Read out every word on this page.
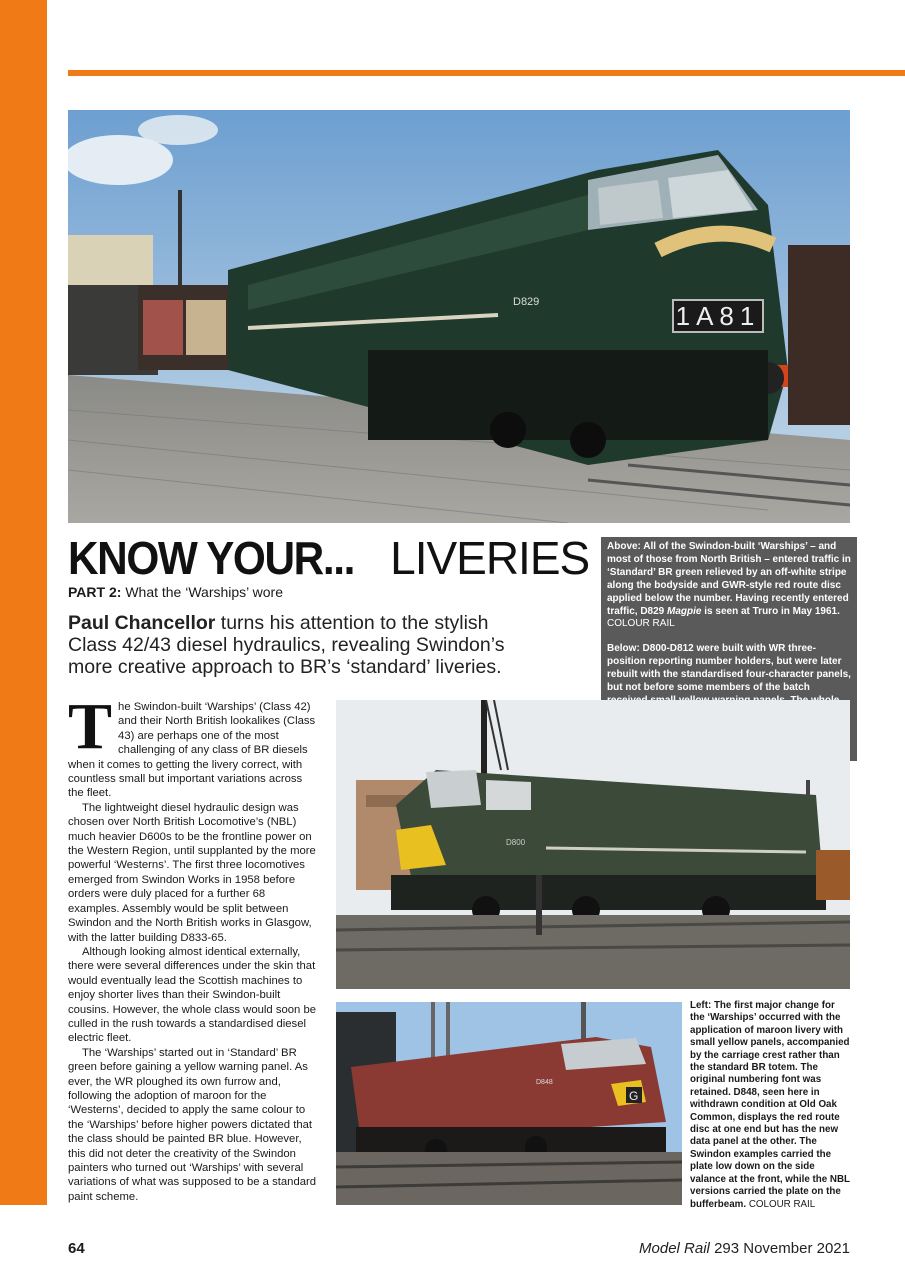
1A81
D829
KNOW YOUR... LIVERIES
PART 2: What the ‘Warships’ wore
Paul Chancellor turns his attention to the stylish Class 42/43 diesel hydraulics, revealing Swindon’s more creative approach to BR’s ‘standard’ liveries.

Above: All of the Swindon-built ‘Warships’ – and most of those from North British – entered traffic in ‘Standard’ BR green relieved by an off-white stripe along the bodyside and GWR-style red route disc applied below the number. Having recently entered traffic, D829 Magpie is seen at Truro in May 1961. COLOUR RAIL

Below: D800-D812 were built with WR three-position reporting number holders, but were later rebuilt with the standardised four-character panels, but not before some members of the batch

D800
G
D848

The Swindon-built ‘Warships’ (Class 42) and their North British lookalikes (Class 43) are perhaps one of the most challenging of any class of BR diesels when it comes to getting the livery correct, with countless small but important variations across the fleet.

The lightweight diesel hydraulic design was chosen over North British Locomotive’s (NBL) much heavier D600s to be the frontline power on the Western Region, until supplanted by the more powerful ‘Westerns’. The first three locomotives emerged from Swindon Works in 1958 before orders were duly placed for a further 68 examples. Assembly would be split between Swindon and the North British works in Glasgow, with the latter building D833-65.

Although looking almost identical externally, there were several differences under the skin that would eventually lead the Scottish machines to enjoy shorter lives than their Swindon-built cousins. However, the whole class would soon be culled in the rush towards a standardised diesel electric fleet.

The ‘Warships’ started out in ‘Standard’ BR green before gaining a yellow warning panel. As ever, the WR ploughed its own furrow and, following the adoption of maroon for the ‘Westerns’, decided to apply the same colour to the ‘Warships’ before higher powers dictated that the class should be painted BR blue. However, this did not deter the creativity of the Swindon painters who turned out ‘Warships’ with several variations of what was supposed to be a standard paint scheme.

Left: The first major change for the ‘Warships’ occurred with the application of maroon livery with small yellow panels, accompanied by the carriage crest rather than the standard BR totem. The original numbering font was retained. D848, seen here in withdrawn condition at Old Oak Common, displays the red route disc at one end but has the new data panel at the other. The Swindon examples carried the plate low down on the side valance at the front, while the NBL versions carried the plate on the bufferbeam. COLOUR RAIL
64	Model Rail 293 November 2021
